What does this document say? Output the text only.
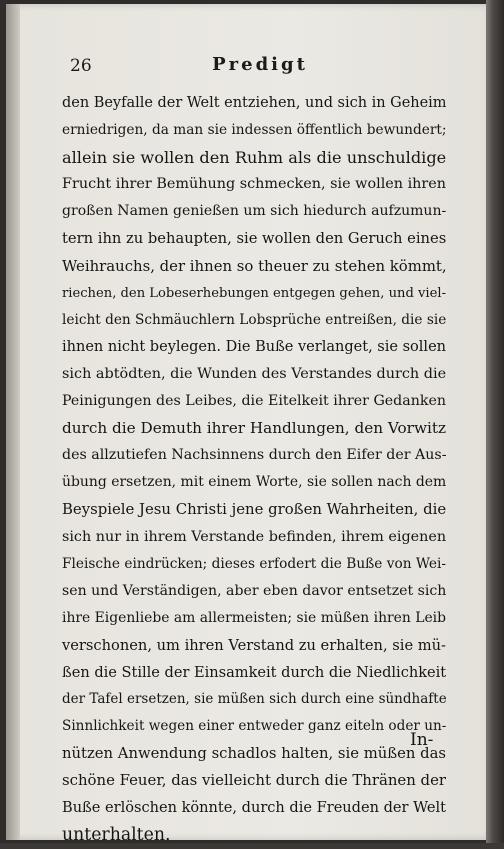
26	Predigt
den Beyfalle der Welt entziehen, und sich in Geheim
erniedrigen, da man sie indessen öffentlich bewundert;
allein sie wollen den Ruhm als die unschuldige
Frucht ihrer Bemühung schmecken, sie wollen ihren
großen Namen genießen um sich hiedurch aufzumun-
tern ihn zu behaupten, sie wollen den Geruch eines
Weihrauchs, der ihnen so theuer zu stehen kömmt,
riechen, den Lobeserhebungen entgegen gehen, und viel-
leicht den Schmäuchlern Lobsprüche entreißen, die sie
ihnen nicht beylegen. Die Buße verlanget, sie sollen
sich abtödten, die Wunden des Verstandes durch die
Peinigungen des Leibes, die Eitelkeit ihrer Gedanken
durch die Demuth ihrer Handlungen, den Vorwitz
des allzutiefen Nachsinnens durch den Eifer der Aus-
übung ersetzen, mit einem Worte, sie sollen nach dem
Beyspiele Jesu Christi jene großen Wahrheiten, die
sich nur in ihrem Verstande befinden, ihrem eigenen
Fleische eindrücken; dieses erfodert die Buße von Wei-
sen und Verständigen, aber eben davor entsetzet sich
ihre Eigenliebe am allermeisten; sie müßen ihren Leib
verschonen, um ihren Verstand zu erhalten, sie mü-
ßen die Stille der Einsamkeit durch die Niedlichkeit
der Tafel ersetzen, sie müßen sich durch eine sündhafte
Sinnlichkeit wegen einer entweder ganz eiteln oder un-
nützen Anwendung schadlos halten, sie müßen das
schöne Feuer, das vielleicht durch die Thränen der
Buße erlöschen könnte, durch die Freuden der Welt
unterhalten.
In-
